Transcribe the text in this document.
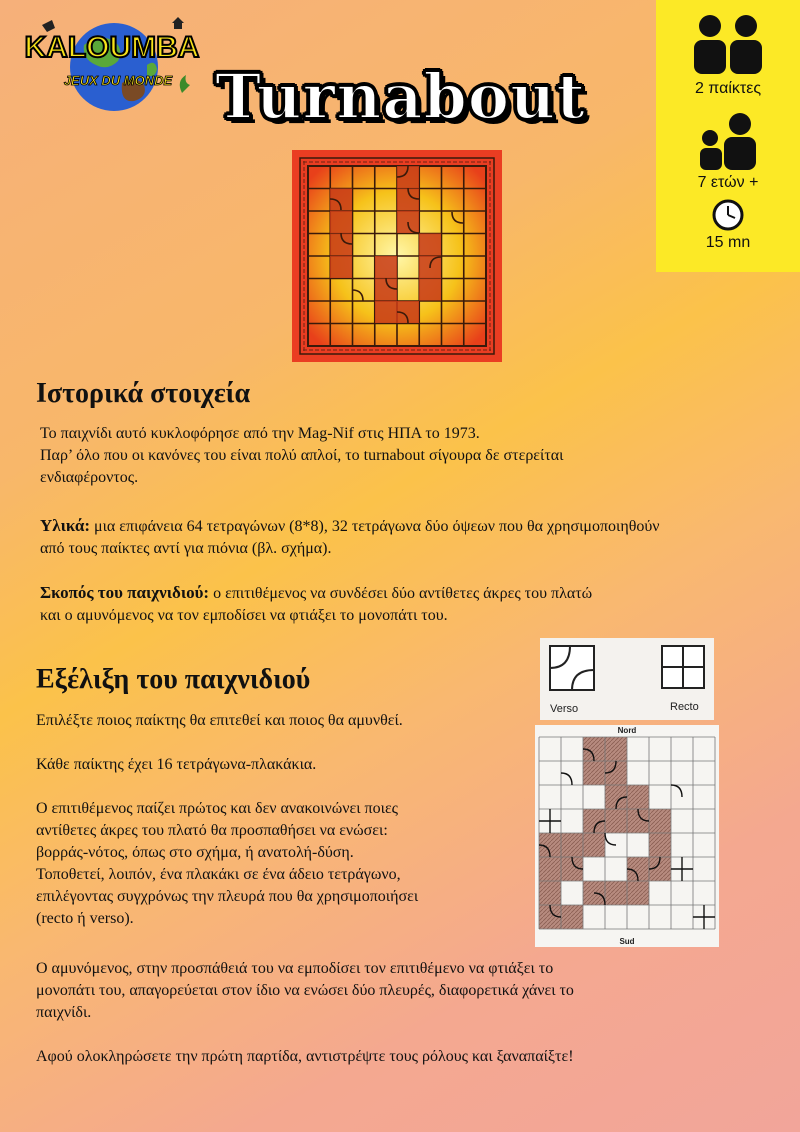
KALOUMBA
JEUX DU MONDE Turnabout	2 παίκτες
7 ετών +
15 mn
Ιστορικά στοιχεία

Το παιχνίδι αυτό κυκλοφόρησε από την Mag-Nif στις ΗΠΑ το 1973.
Παρ’ όλο που οι κανόνες του είναι πολύ απλοί, το turnabout σίγουρα δε στερείται
ενδιαφέροντος.

Υλικά: μια επιφάνεια 64 τετραγώνων (8*8), 32 τετράγωνα δύο όψεων που θα χρησιμοποιηθούν
από τους παίκτες αντί για πιόνια (βλ. σχήμα).

Σκοπός του παιχνιδιού: ο επιτιθέμενος να συνδέσει δύο αντίθετες άκρες του πλατώ
και ο αμυνόμενος να τον εμποδίσει να φτιάξει το μονοπάτι του.

Εξέλιξη του παιχνιδιού

Επιλέξτε ποιος παίκτης θα επιτεθεί και ποιος θα αμυνθεί.

Κάθε παίκτης έχει 16 τετράγωνα-πλακάκια.

Ο επιτιθέμενος παίζει πρώτος και δεν ανακοινώνει ποιες
αντίθετες άκρες του πλατό θα προσπαθήσει να ενώσει:
βορράς-νότος, όπως στο σχήμα, ή ανατολή-δύση.
Τοποθετεί, λοιπόν, ένα πλακάκι σε ένα άδειο τετράγωνο,
επιλέγοντας συγχρόνως την πλευρά που θα χρησιμοποιήσει
(recto ή verso).

Ο αμυνόμενος, στην προσπάθειά του να εμποδίσει τον επιτιθέμενο να φτιάξει το
μονοπάτι του, απαγορεύεται στον ίδιο να ενώσει δύο πλευρές, διαφορετικά χάνει το
παιχνίδι.

Αφού ολοκληρώσετε την πρώτη παρτίδα, αντιστρέψτε τους ρόλους και ξαναπαίξτε!

Verso	Recto
Nord
Sud
